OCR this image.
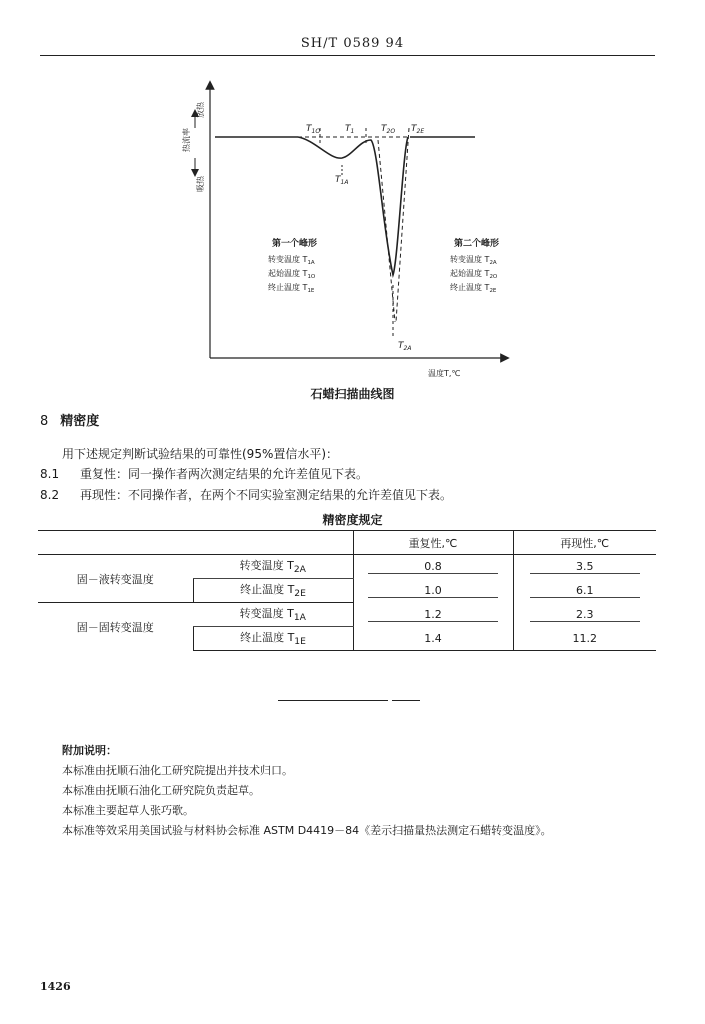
SH/T 0589 94
放热
热流率
吸热
$T_{1O}$	$T_1$	$T_{2O}$ $T_{2E}$
$T_{1A}$
$T_{2A}$
第一个峰形
转变温度 $T_{1A}$
起始温度 $T_{1O}$
终止温度 $T_{1E}$
第二个峰形
转变温度 $T_{2A}$
起始温度 $T_{2O}$
终止温度 $T_{2E}$
温度T,℃
石蜡扫描曲线图
8 精密度
用下述规定判断试验结果的可靠性(95%置信水平)：
8.1 重复性：同一操作者两次测定结果的允许差值见下表。
8.2 再现性：不同操作者，在两个不同实验室测定结果的允许差值见下表。
精密度规定
		重复性,℃	再现性,℃
固－液转变温度	转变温度 $T_{2A}$	0.8	3.5
	终止温度 $T_{2E}$	1.0	6.1
固－固转变温度	转变温度 $T_{1A}$	1.2	2.3
	终止温度 $T_{1E}$	1.4	11.2
附加说明：
本标准由抚顺石油化工研究院提出并技术归口。
本标准由抚顺石油化工研究院负责起草。
本标准主要起草人张巧歌。
本标准等效采用美国试验与材料协会标准 ASTM D4419－84《差示扫描量热法测定石蜡转变温度》。
1426
